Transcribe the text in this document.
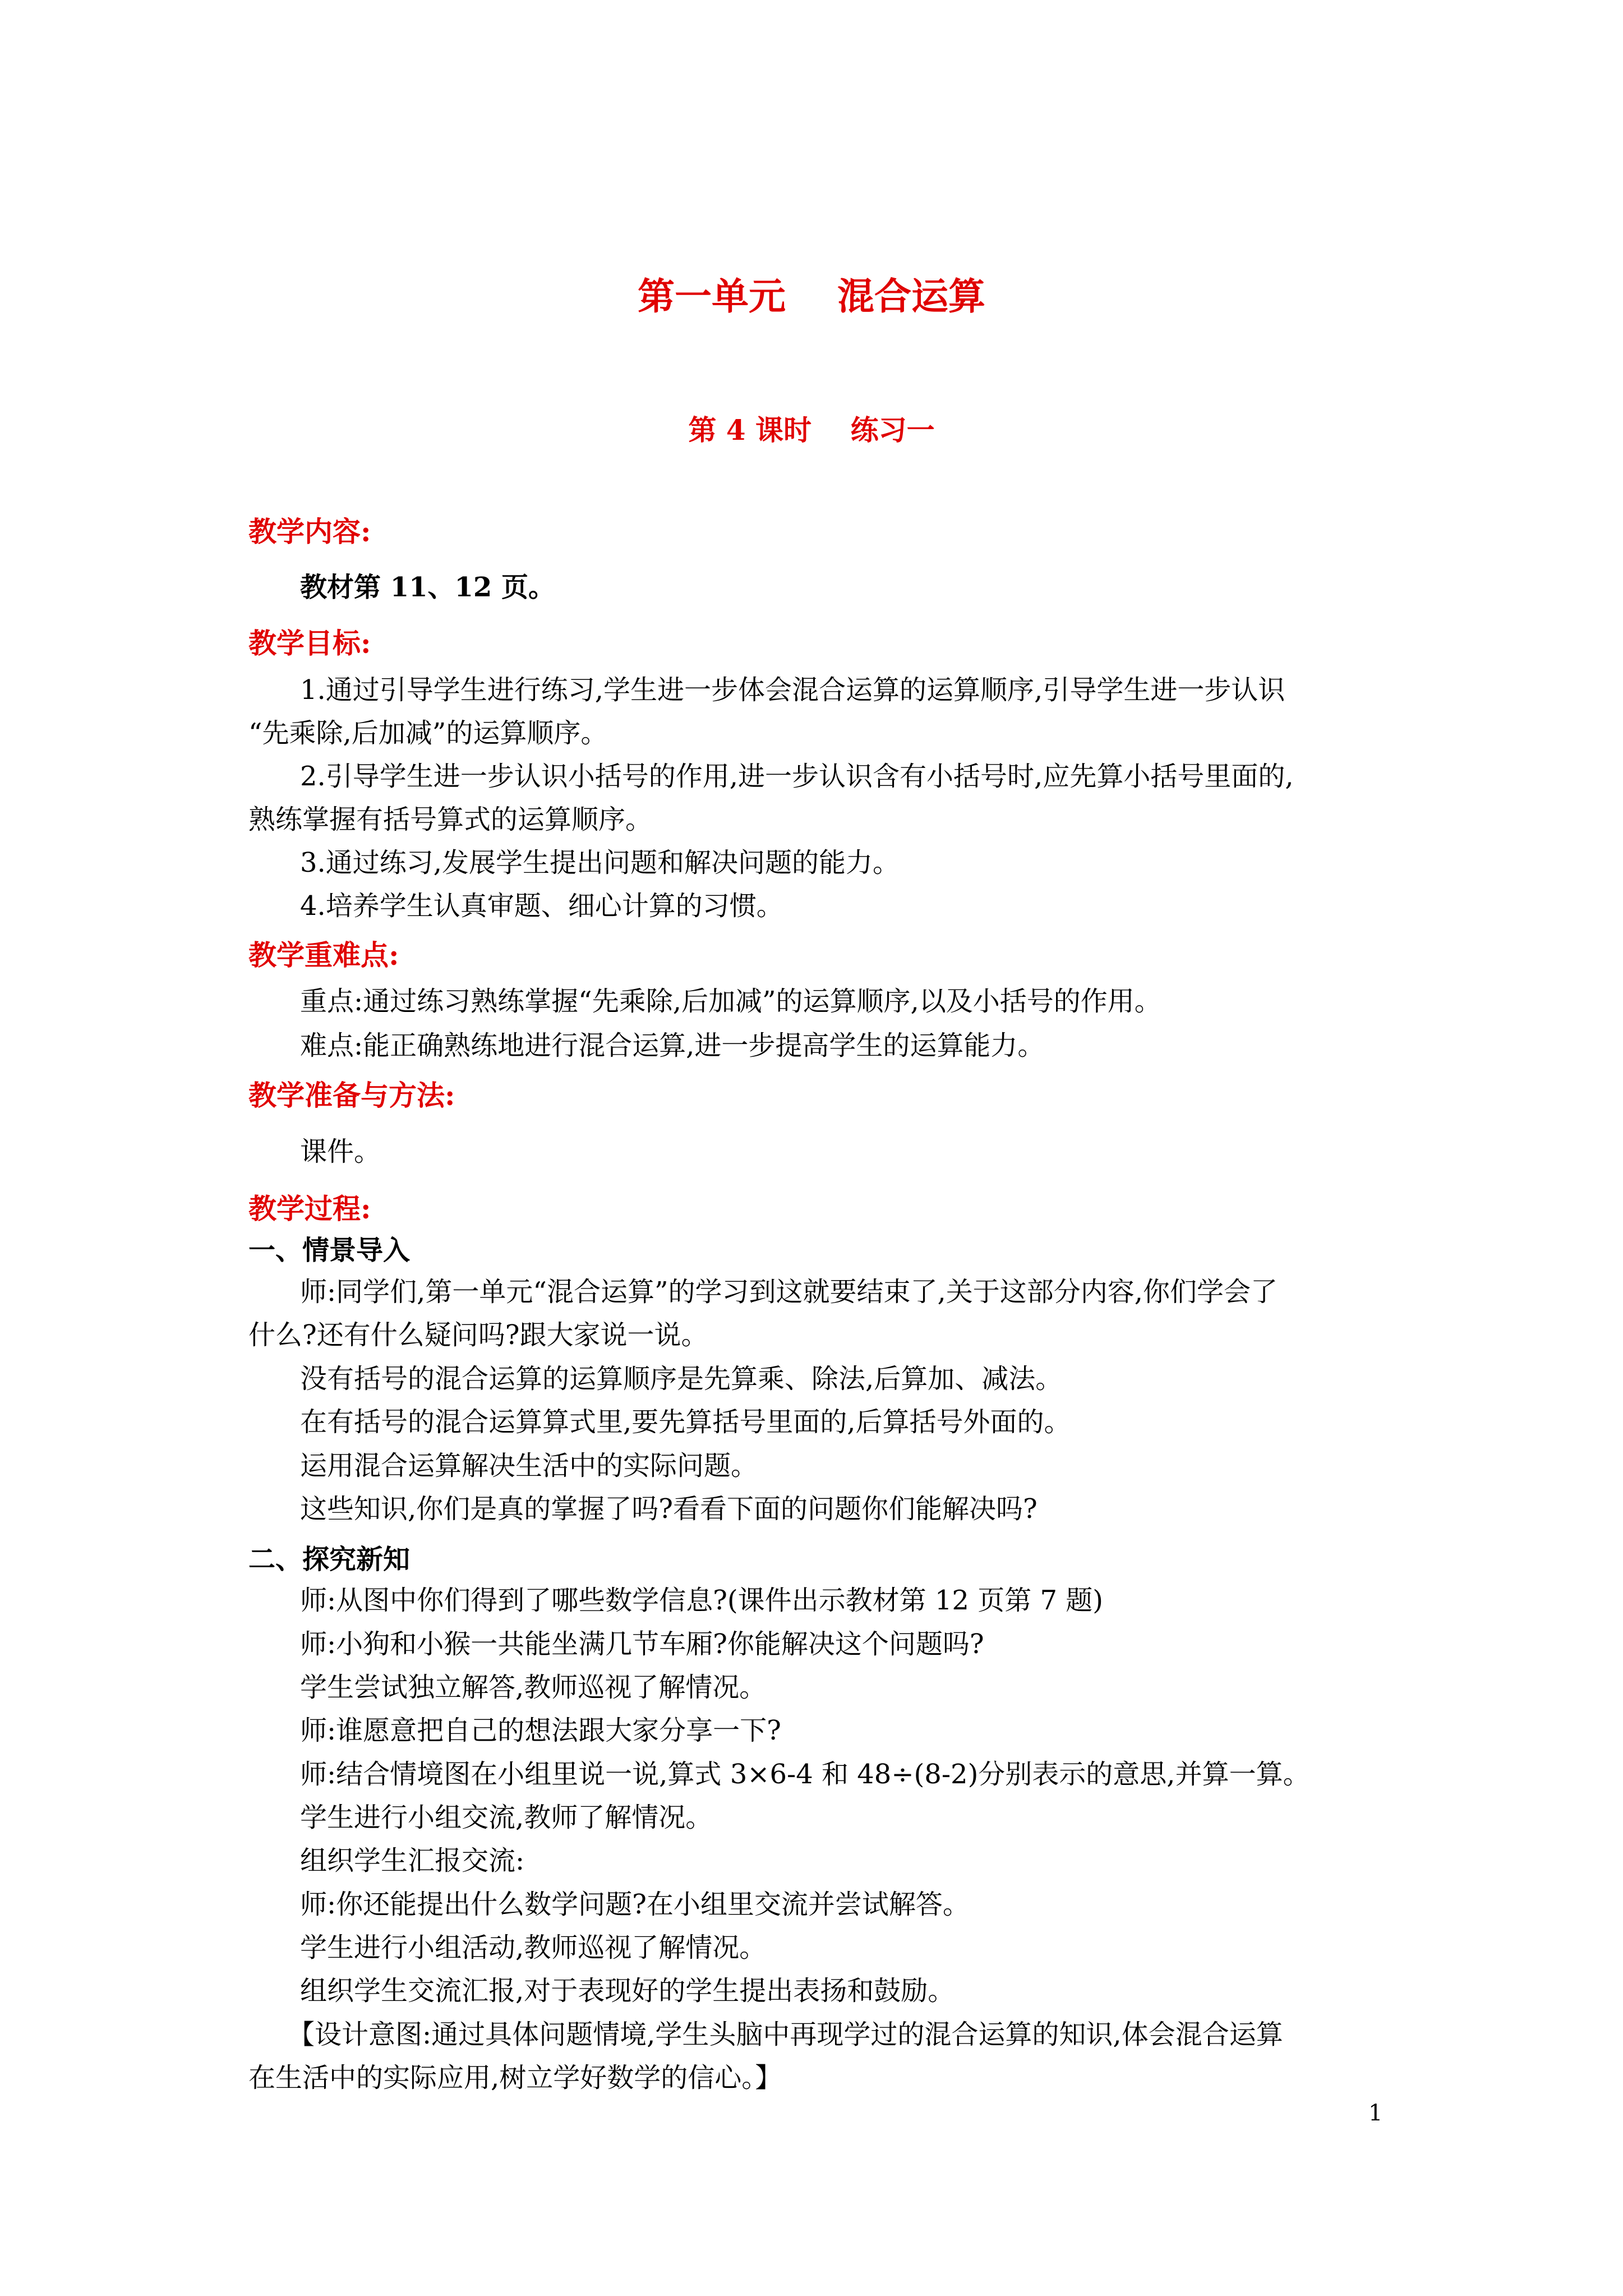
第一单元    混合运算
第 4 课时    练习一
教学内容:
教材第 11、12 页。
教学目标:
1.通过引导学生进行练习,学生进一步体会混合运算的运算顺序,引导学生进一步认识
“先乘除,后加减”的运算顺序。
2.引导学生进一步认识小括号的作用,进一步认识含有小括号时,应先算小括号里面的,
熟练掌握有括号算式的运算顺序。
3.通过练习,发展学生提出问题和解决问题的能力。
4.培养学生认真审题、细心计算的习惯。
教学重难点:
重点:通过练习熟练掌握“先乘除,后加减”的运算顺序,以及小括号的作用。
难点:能正确熟练地进行混合运算,进一步提高学生的运算能力。
教学准备与方法:
课件。
教学过程:
一、情景导入
师:同学们,第一单元“混合运算”的学习到这就要结束了,关于这部分内容,你们学会了
什么?还有什么疑问吗?跟大家说一说。
没有括号的混合运算的运算顺序是先算乘、除法,后算加、减法。
在有括号的混合运算算式里,要先算括号里面的,后算括号外面的。
运用混合运算解决生活中的实际问题。
这些知识,你们是真的掌握了吗?看看下面的问题你们能解决吗?
二、探究新知
师:从图中你们得到了哪些数学信息?(课件出示教材第 12 页第 7 题)
师:小狗和小猴一共能坐满几节车厢?你能解决这个问题吗?
学生尝试独立解答,教师巡视了解情况。
师:谁愿意把自己的想法跟大家分享一下?
师:结合情境图在小组里说一说,算式 3×6-4 和 48÷(8-2)分别表示的意思,并算一算。
学生进行小组交流,教师了解情况。
组织学生汇报交流:
师:你还能提出什么数学问题?在小组里交流并尝试解答。
学生进行小组活动,教师巡视了解情况。
组织学生交流汇报,对于表现好的学生提出表扬和鼓励。
【设计意图:通过具体问题情境,学生头脑中再现学过的混合运算的知识,体会混合运算
在生活中的实际应用,树立学好数学的信心。】
1
